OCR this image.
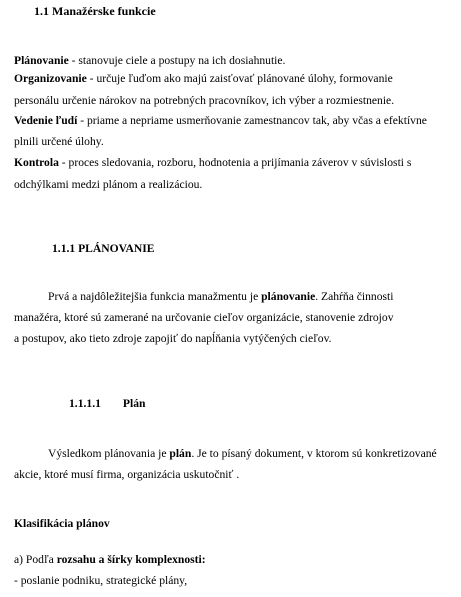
1.1 Manažérske funkcie
Plánovanie - stanovuje ciele a postupy na ich dosiahnutie.
Organizovanie - určuje ľuďom ako majú zaisťovať plánované úlohy, formovanie
personálu určenie nárokov na potrebných pracovníkov, ich výber a rozmiestnenie.
Vedenie ľudí - priame a nepriame usmerňovanie zamestnancov tak, aby včas a efektívne
plnili určené úlohy.
Kontrola - proces sledovania, rozboru, hodnotenia a prijímania záverov v súvislosti s
odchýlkami medzi plánom a realizáciou.
1.1.1 PLÁNOVANIE
Prvá a najdôležitejšia funkcia manažmentu je plánovanie. Zahŕňa činnosti
manažéra, ktoré sú zamerané na určovanie cieľov organizácie, stanovenie zdrojov
a postupov, ako tieto zdroje zapojiť do napĺňania vytýčených cieľov.
1.1.1.1 Plán
Výsledkom plánovania je plán. Je to písaný dokument, v ktorom sú konkretizované
akcie, ktoré musí firma, organizácia uskutočniť .
Klasifikácia plánov
a) Podľa rozsahu a šírky komplexnosti:
- poslanie podniku, strategické plány,
